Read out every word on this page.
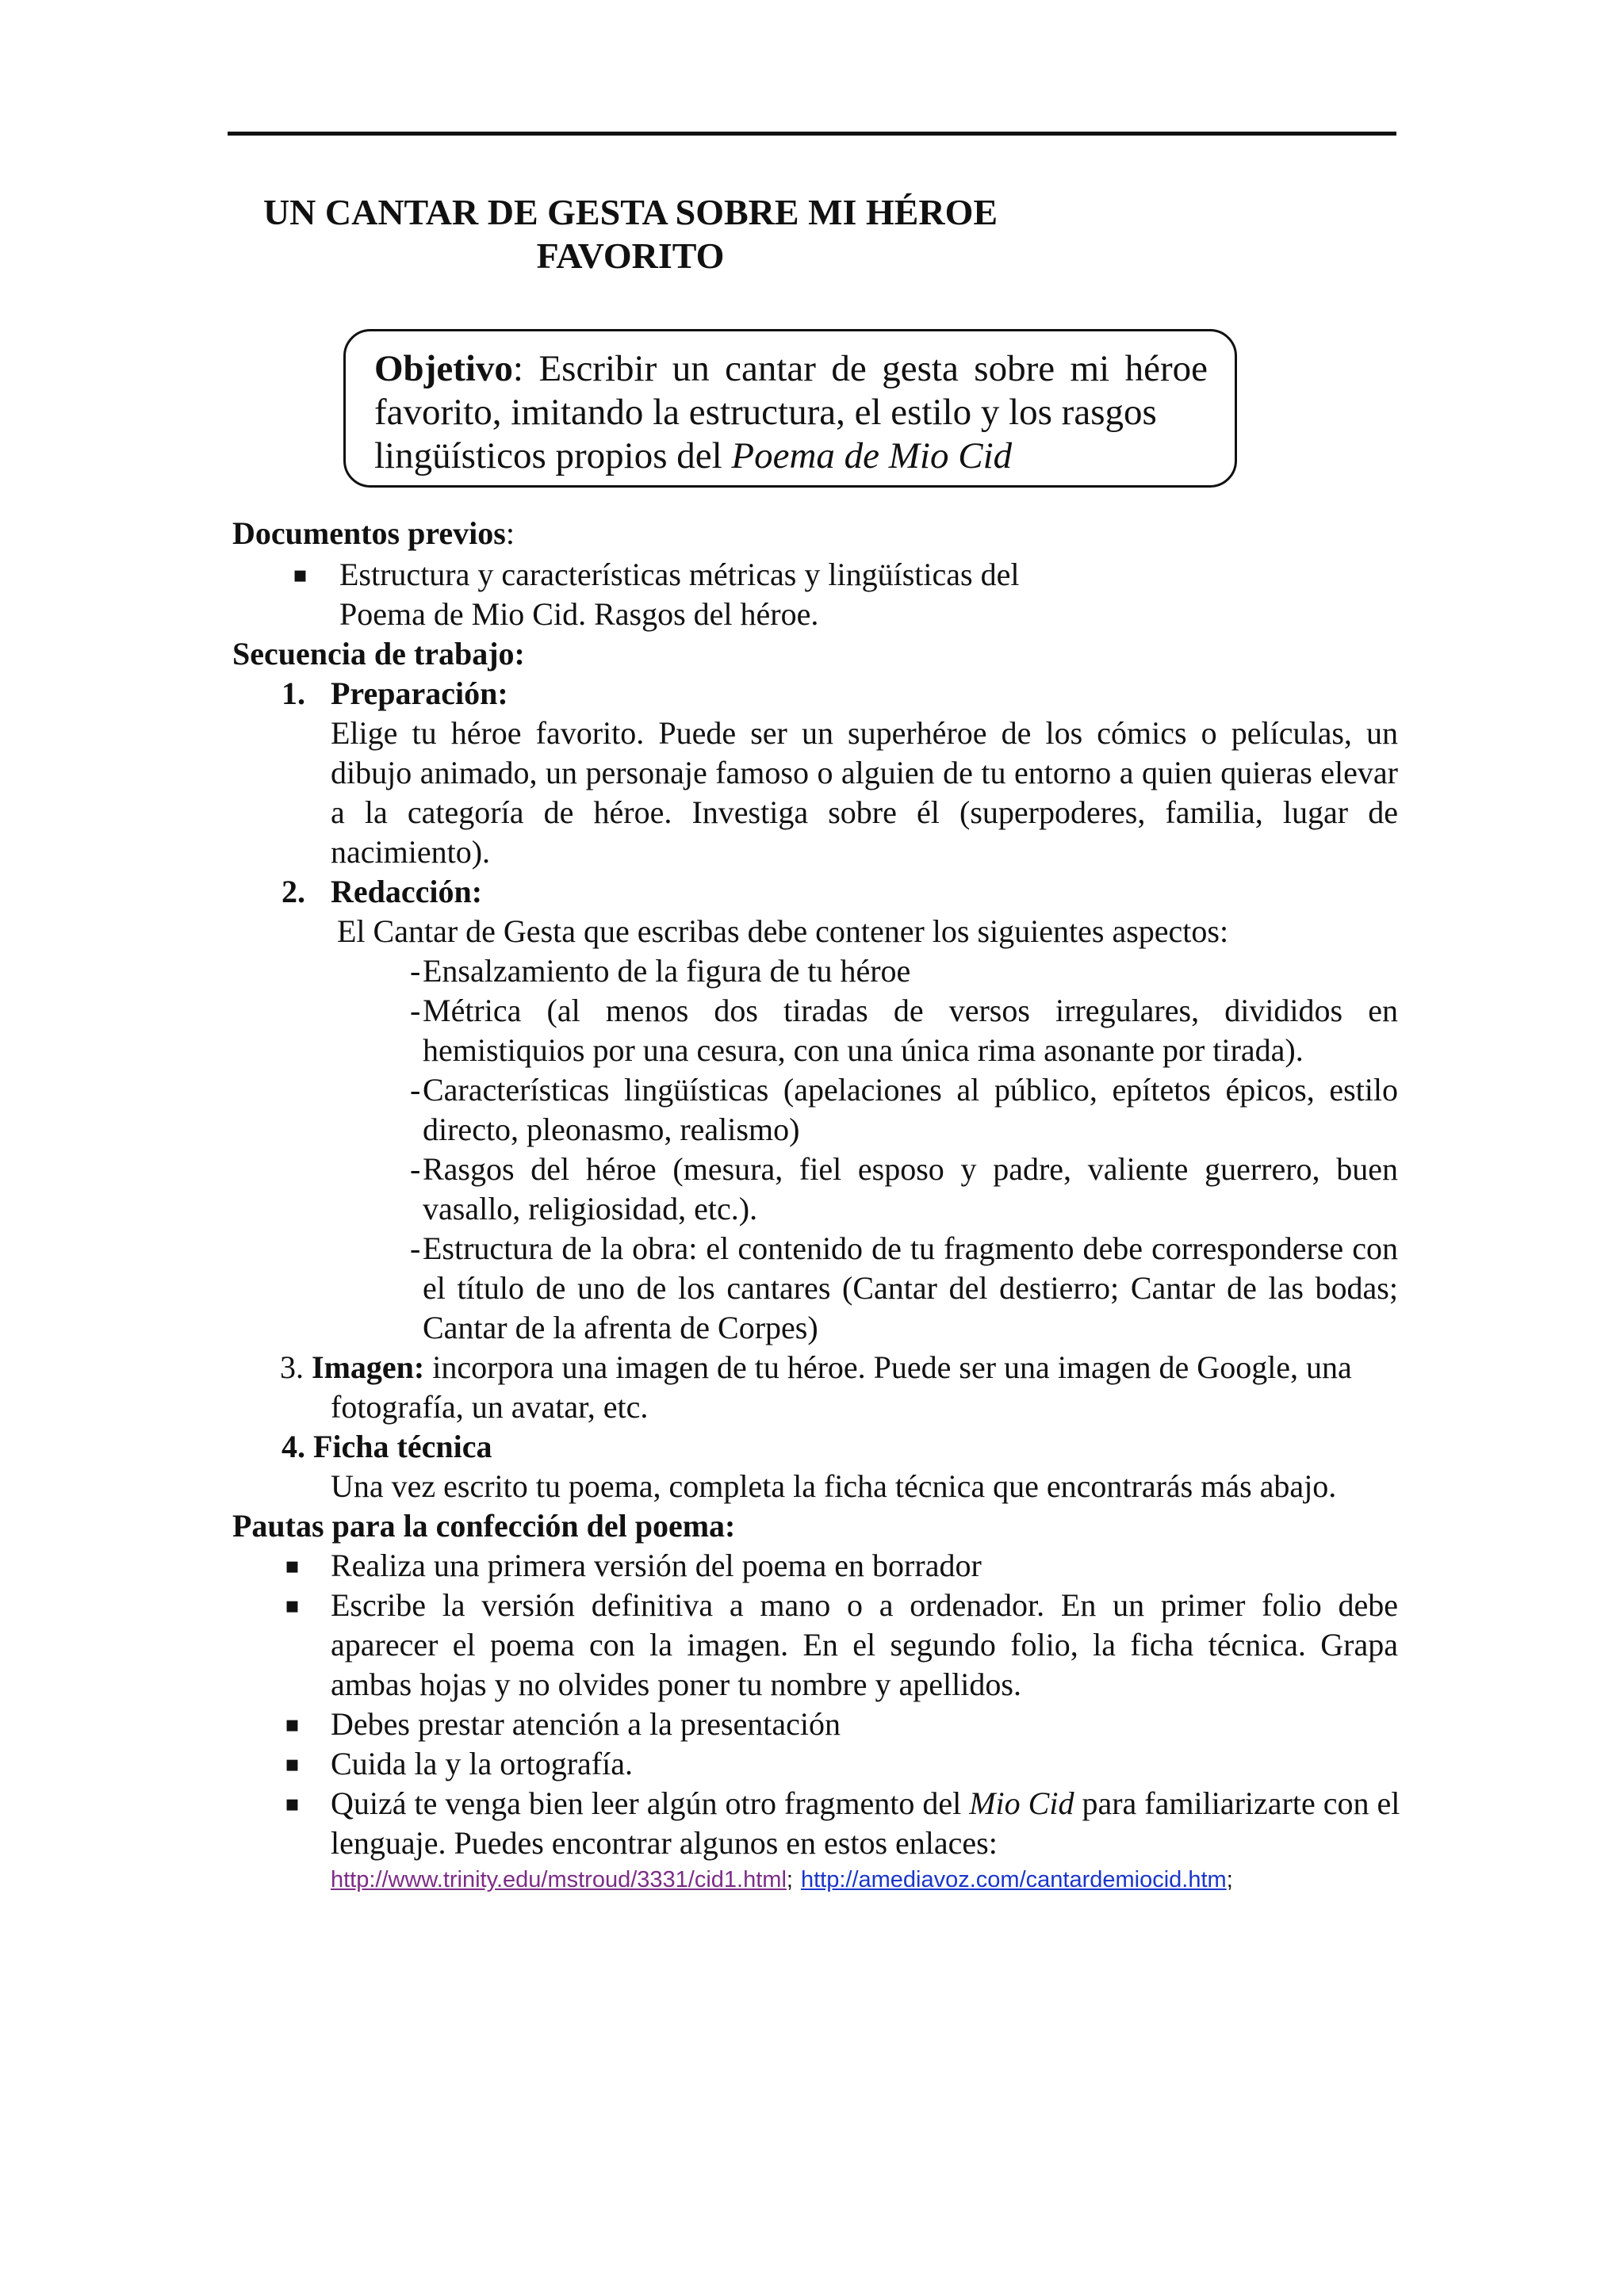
UN CANTAR DE GESTA SOBRE MI HÉROE
FAVORITO
Objetivo: Escribir un cantar de gesta sobre mi héroe favorito, imitando la estructura, el estilo y los rasgos
lingüísticos propios del Poema de Mio Cid

Documentos previos:

▪ Estructura y características métricas y lingüísticas del
Poema de Mio Cid. Rasgos del héroe.

Secuencia de trabajo:

1. Preparación:
Elige tu héroe favorito. Puede ser un superhéroe de los cómics o películas, un dibujo animado, un personaje famoso o alguien de tu entorno a quien quieras elevar a la categoría de héroe. Investiga sobre él (superpoderes, familia, lugar de nacimiento).
2. Redacción:
El Cantar de Gesta que escribas debe contener los siguientes aspectos:
- Ensalzamiento de la figura de tu héroe
- Métrica (al menos dos tiradas de versos irregulares, divididos en hemistiquios por una cesura, con una única rima asonante por tirada).
- Características lingüísticas (apelaciones al público, epítetos épicos, estilo directo, pleonasmo, realismo)
- Rasgos del héroe (mesura, fiel esposo y padre, valiente guerrero, buen vasallo, religiosidad, etc.).
- Estructura de la obra: el contenido de tu fragmento debe corresponderse con el título de uno de los cantares (Cantar del destierro; Cantar de las bodas; Cantar de la afrenta de Corpes)
3. Imagen: incorpora una imagen de tu héroe. Puede ser una imagen de Google, una
fotografía, un avatar, etc.
4. Ficha técnica
Una vez escrito tu poema, completa la ficha técnica que encontrarás más abajo.

Pautas para la confección del poema:

▪ Realiza una primera versión del poema en borrador
▪ Escribe la versión definitiva a mano o a ordenador. En un primer folio debe aparecer el poema con la imagen. En el segundo folio, la ficha técnica. Grapa ambas hojas y no olvides poner tu nombre y apellidos.
▪ Debes prestar atención a la presentación
▪ Cuida la y la ortografía.
▪ Quizá te venga bien leer algún otro fragmento del Mio Cid para familiarizarte con el
lenguaje. Puedes encontrar algunos en estos enlaces:
http://www.trinity.edu/mstroud/3331/cid1.html; http://amediavoz.com/cantardemiocid.htm;
